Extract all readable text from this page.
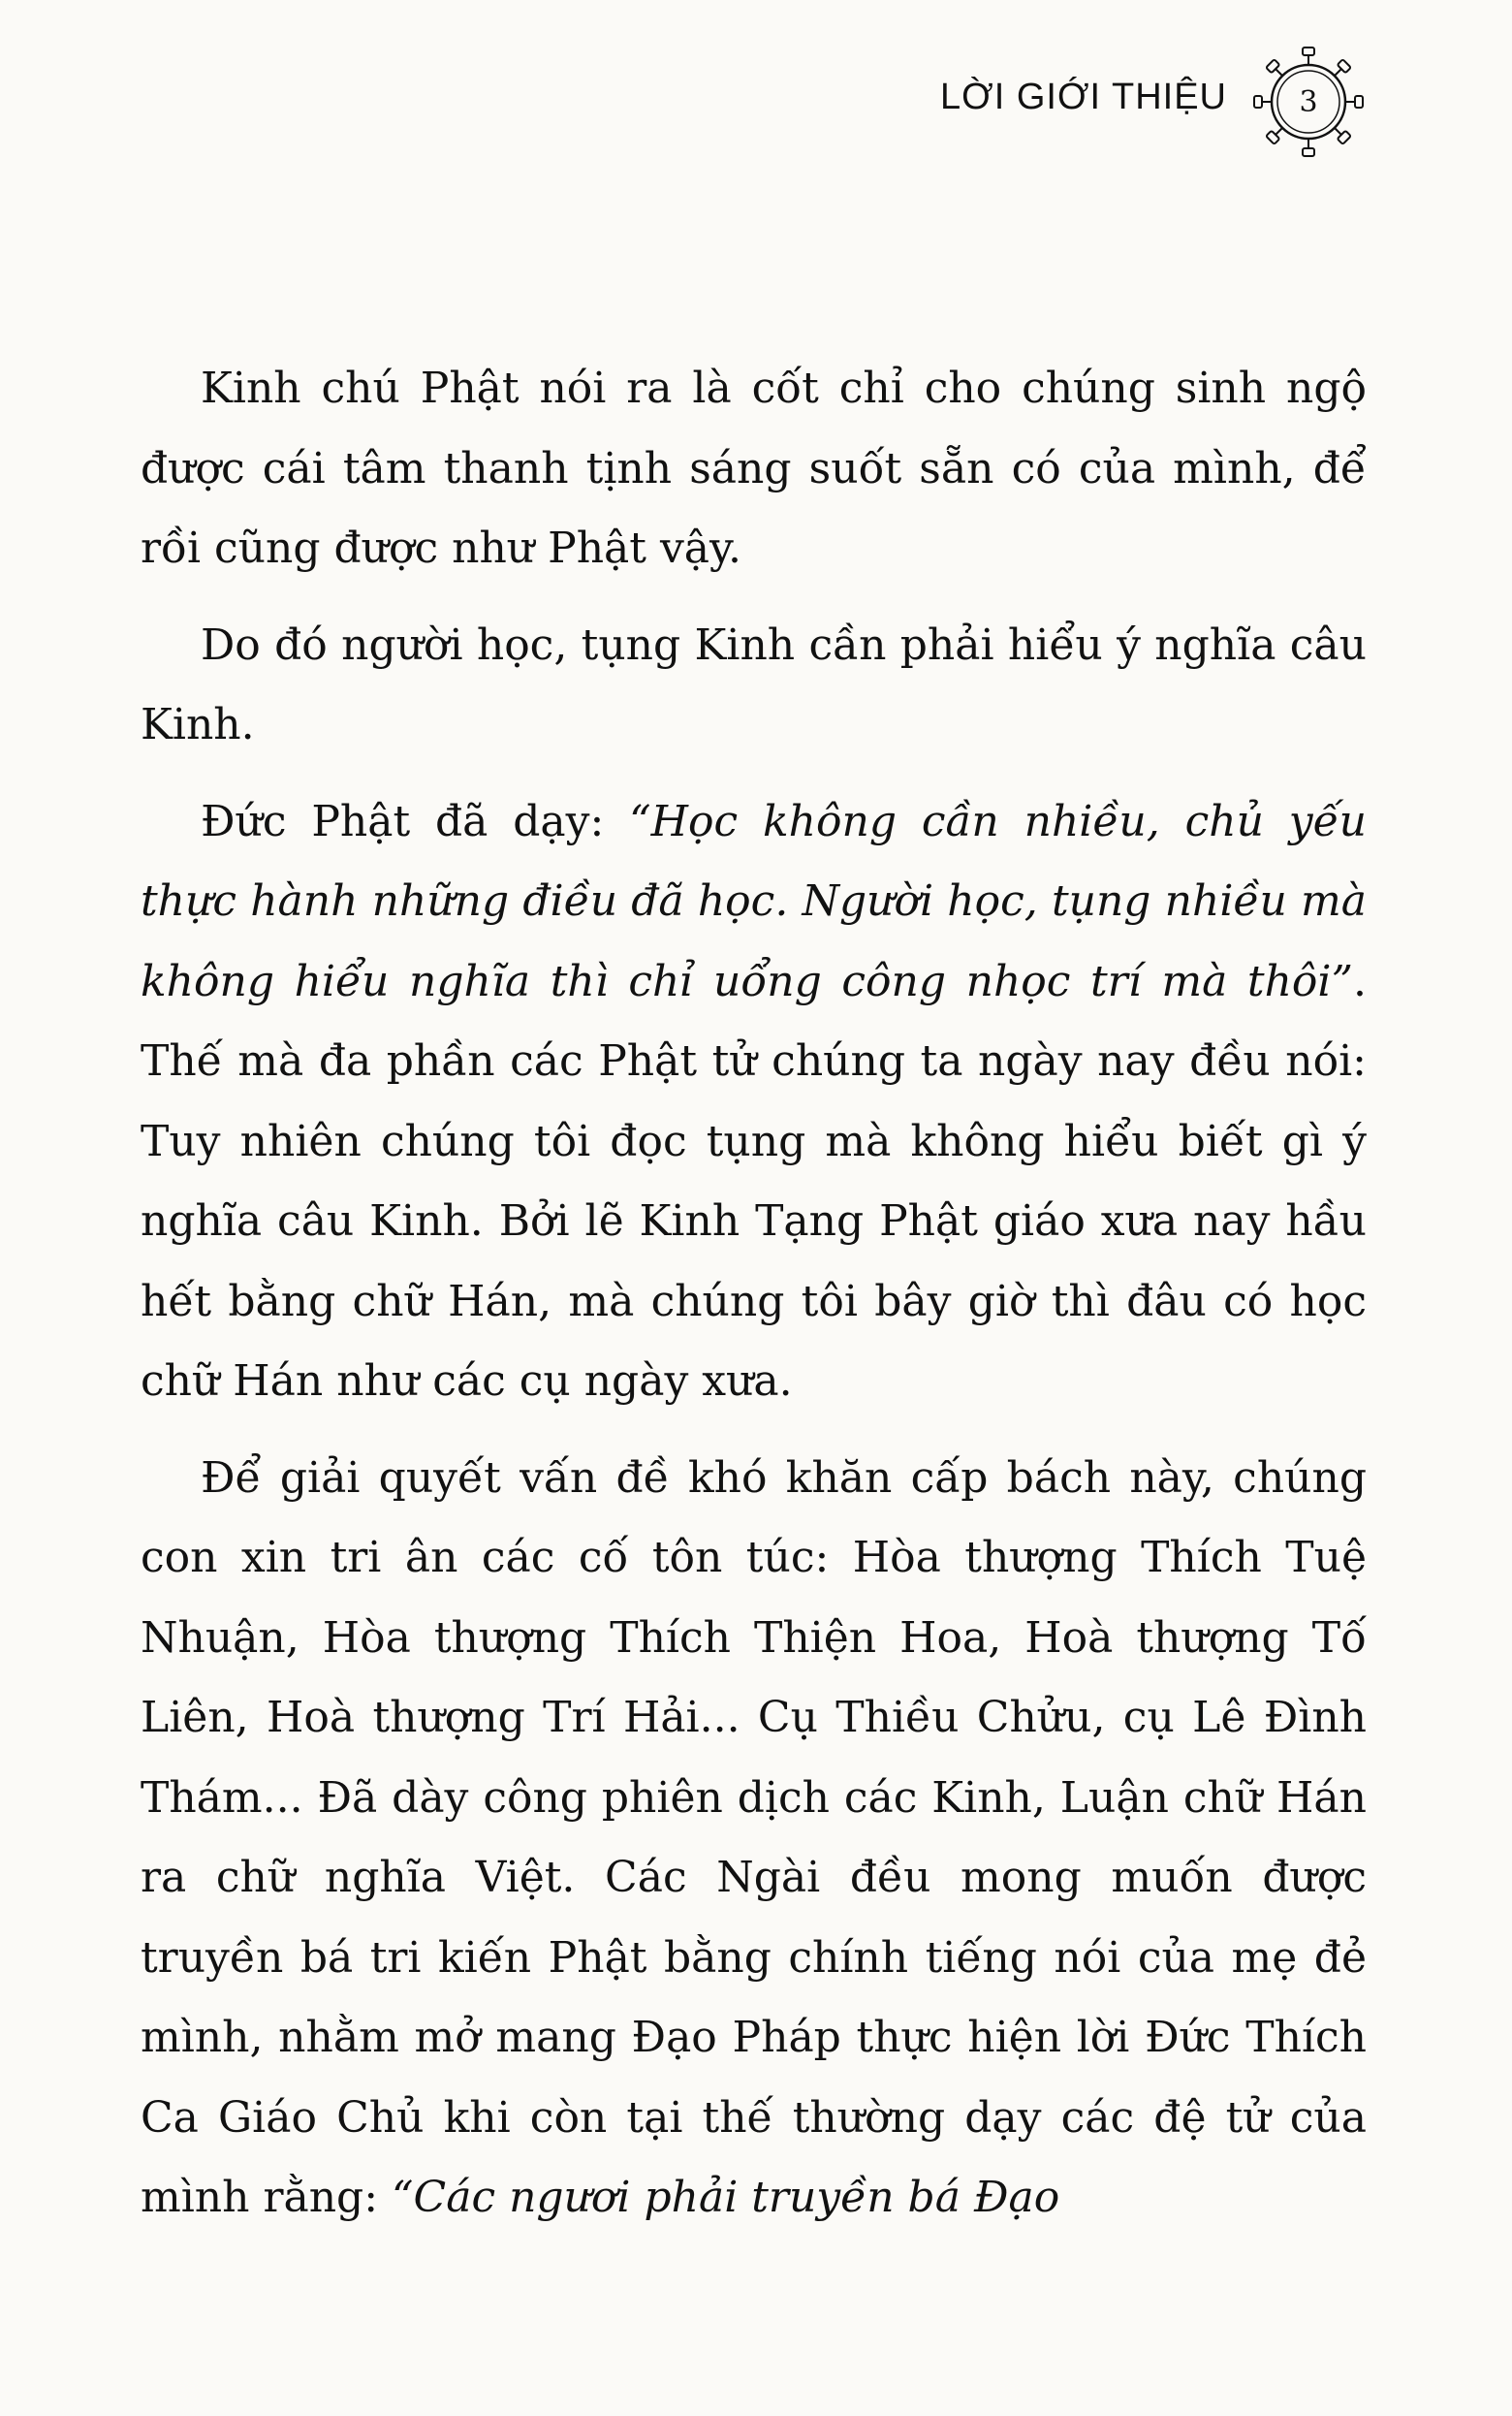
LỜI GIỚI THIỆU	3

Kinh chú Phật nói ra là cốt chỉ cho chúng sinh ngộ được cái tâm thanh tịnh sáng suốt sẵn có của mình, để rồi cũng được như Phật vậy.

Do đó người học, tụng Kinh cần phải hiểu ý nghĩa câu Kinh.

Đức Phật đã dạy: “Học không cần nhiều, chủ yếu thực hành những điều đã học. Người học, tụng nhiều mà không hiểu nghĩa thì chỉ uổng công nhọc trí mà thôi”. Thế mà đa phần các Phật tử chúng ta ngày nay đều nói: Tuy nhiên chúng tôi đọc tụng mà không hiểu biết gì ý nghĩa câu Kinh. Bởi lẽ Kinh Tạng Phật giáo xưa nay hầu hết bằng chữ Hán, mà chúng tôi bây giờ thì đâu có học chữ Hán như các cụ ngày xưa.

Để giải quyết vấn đề khó khăn cấp bách này, chúng con xin tri ân các cố tôn túc: Hòa thượng Thích Tuệ Nhuận, Hòa thượng Thích Thiện Hoa, Hoà thượng Tố Liên, Hoà thượng Trí Hải... Cụ Thiều Chửu, cụ Lê Đình Thám... Đã dày công phiên dịch các Kinh, Luận chữ Hán ra chữ nghĩa Việt. Các Ngài đều mong muốn được truyền bá tri kiến Phật bằng chính tiếng nói của mẹ đẻ mình, nhằm mở mang Đạo Pháp thực hiện lời Đức Thích Ca Giáo Chủ khi còn tại thế thường dạy các đệ tử của mình rằng: “Các ngươi phải truyền bá Đạo
